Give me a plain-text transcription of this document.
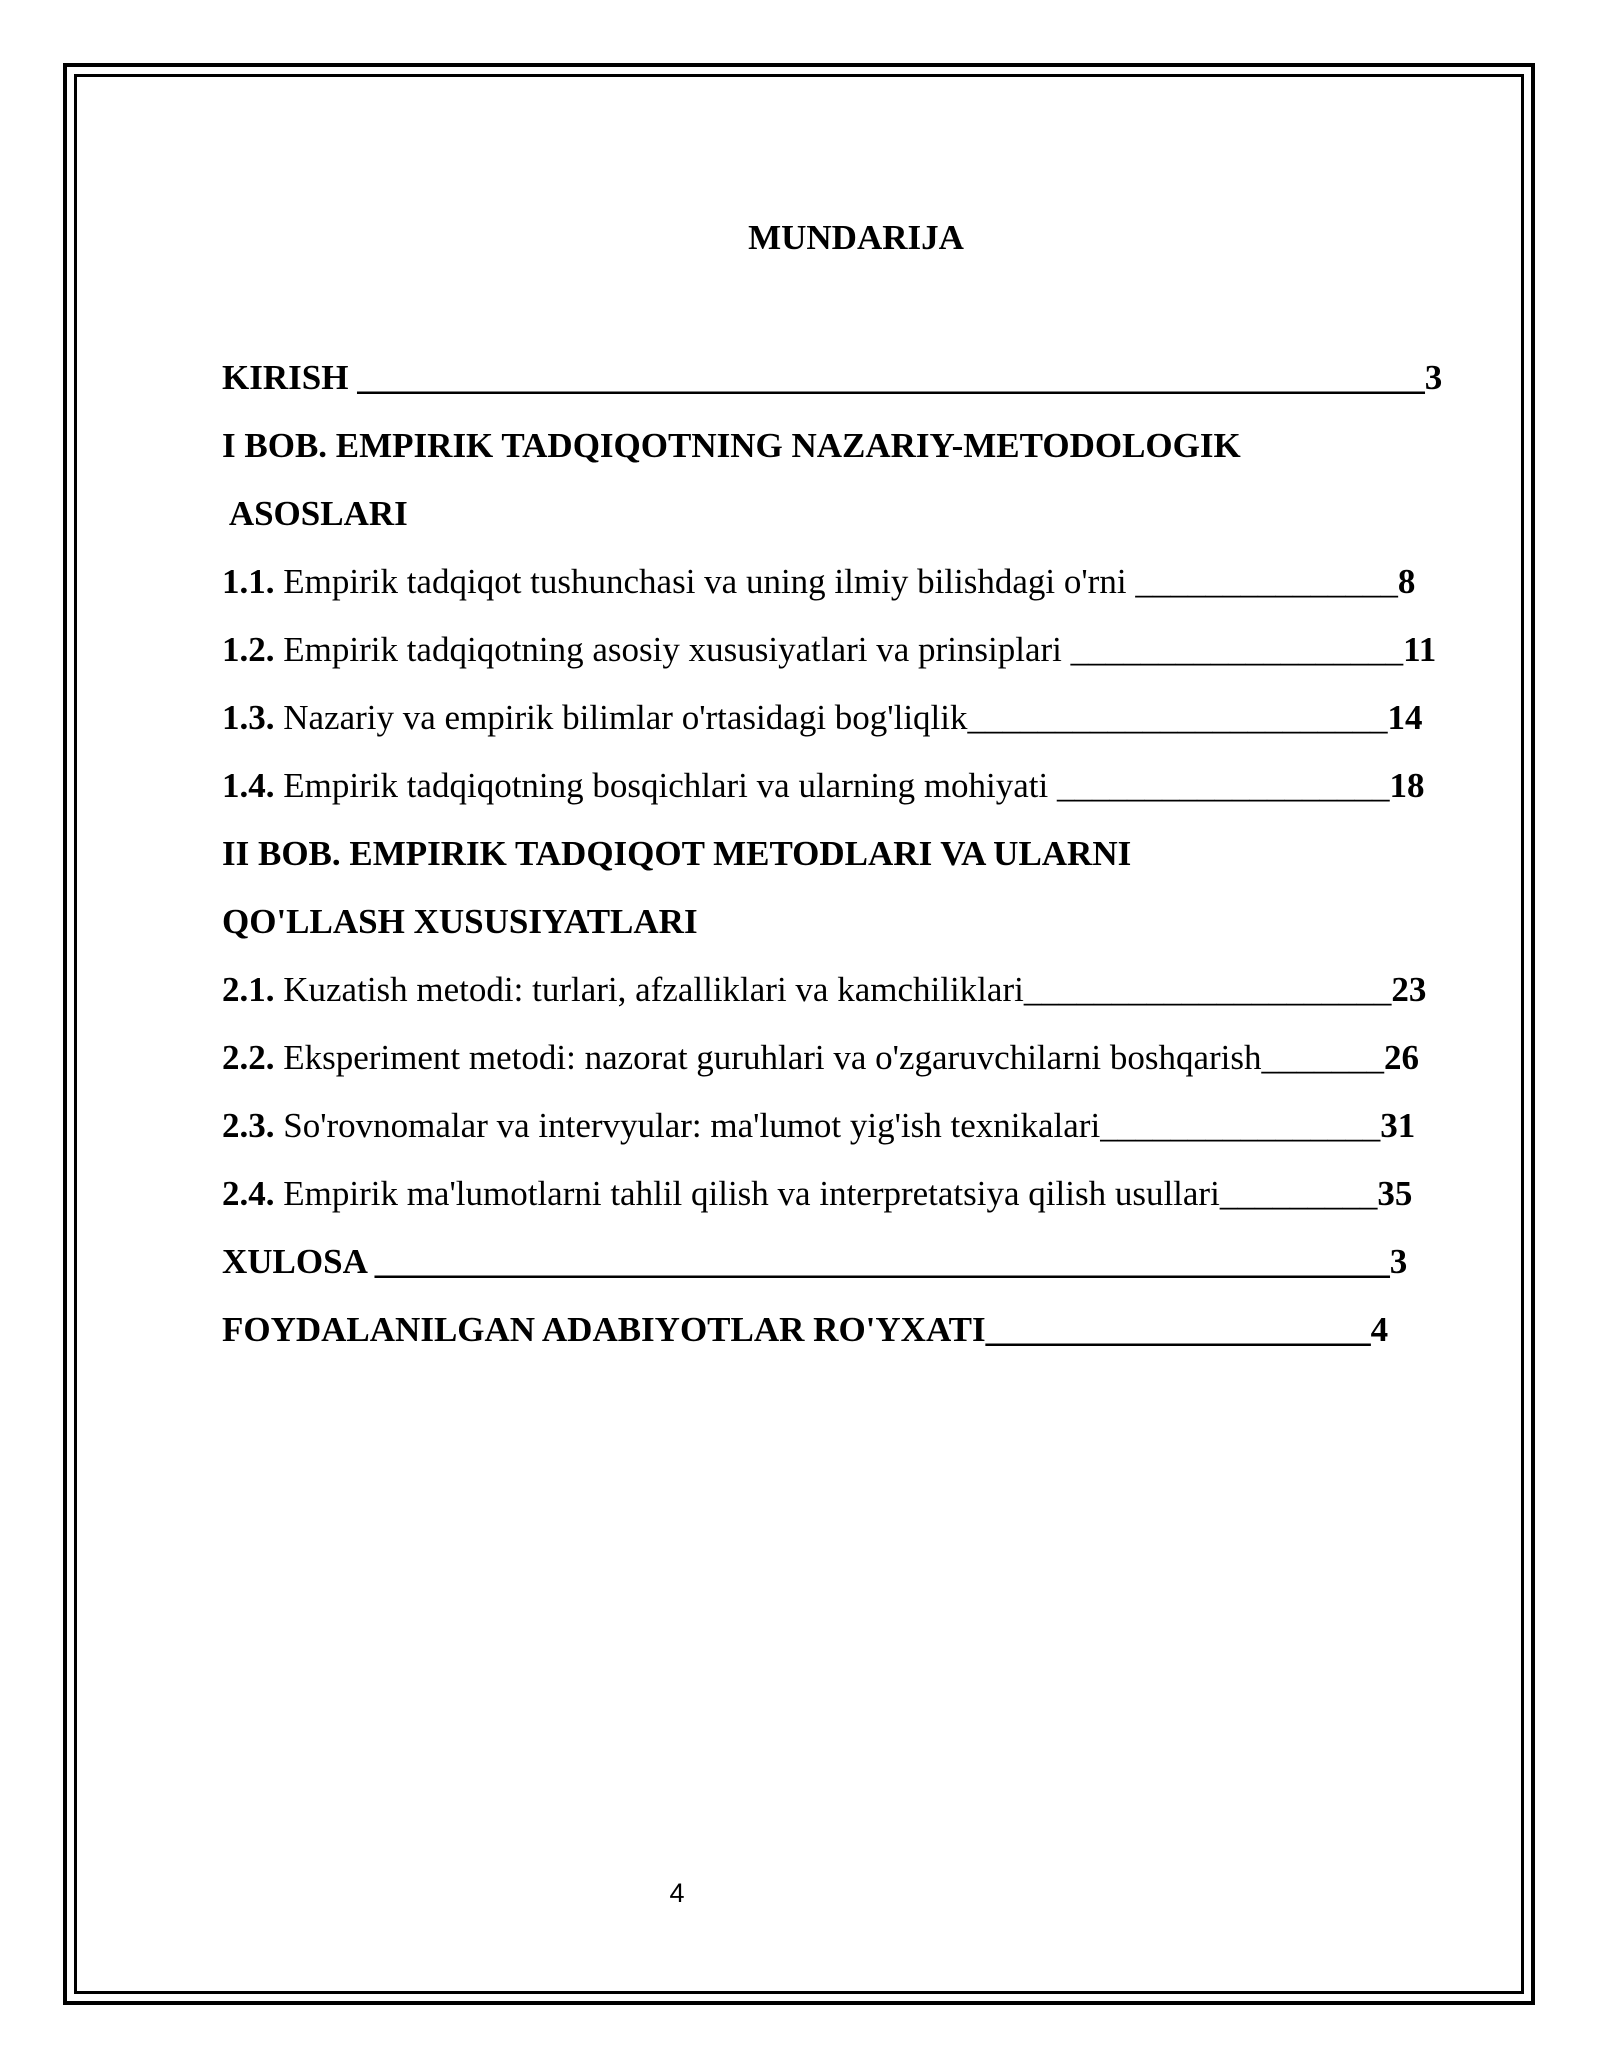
MUNDARIJA
KIRISH _____________________________________________________________3
I BOB. EMPIRIK TADQIQOTNING NAZARIY-METODOLOGIK
ASOSLARI
1.1. Empirik tadqiqot tushunchasi va uning ilmiy bilishdagi o'rni _______________8
1.2. Empirik tadqiqotning asosiy xususiyatlari va prinsiplari ___________________11
1.3. Nazariy va empirik bilimlar o'rtasidagi bog'liqlik________________________14
1.4. Empirik tadqiqotning bosqichlari va ularning mohiyati ___________________18
II BOB. EMPIRIK TADQIQOT METODLARI VA ULARNI
QO'LLASH XUSUSIYATLARI
2.1. Kuzatish metodi: turlari, afzalliklari va kamchiliklari_____________________23
2.2. Eksperiment metodi: nazorat guruhlari va o'zgaruvchilarni boshqarish_______26
2.3. So'rovnomalar va intervyular: ma'lumot yig'ish texnikalari________________31
2.4. Empirik ma'lumotlarni tahlil qilish va interpretatsiya qilish usullari_________35
XULOSA __________________________________________________________3
FOYDALANILGAN ADABIYOTLAR RO'YXATI______________________4
4
